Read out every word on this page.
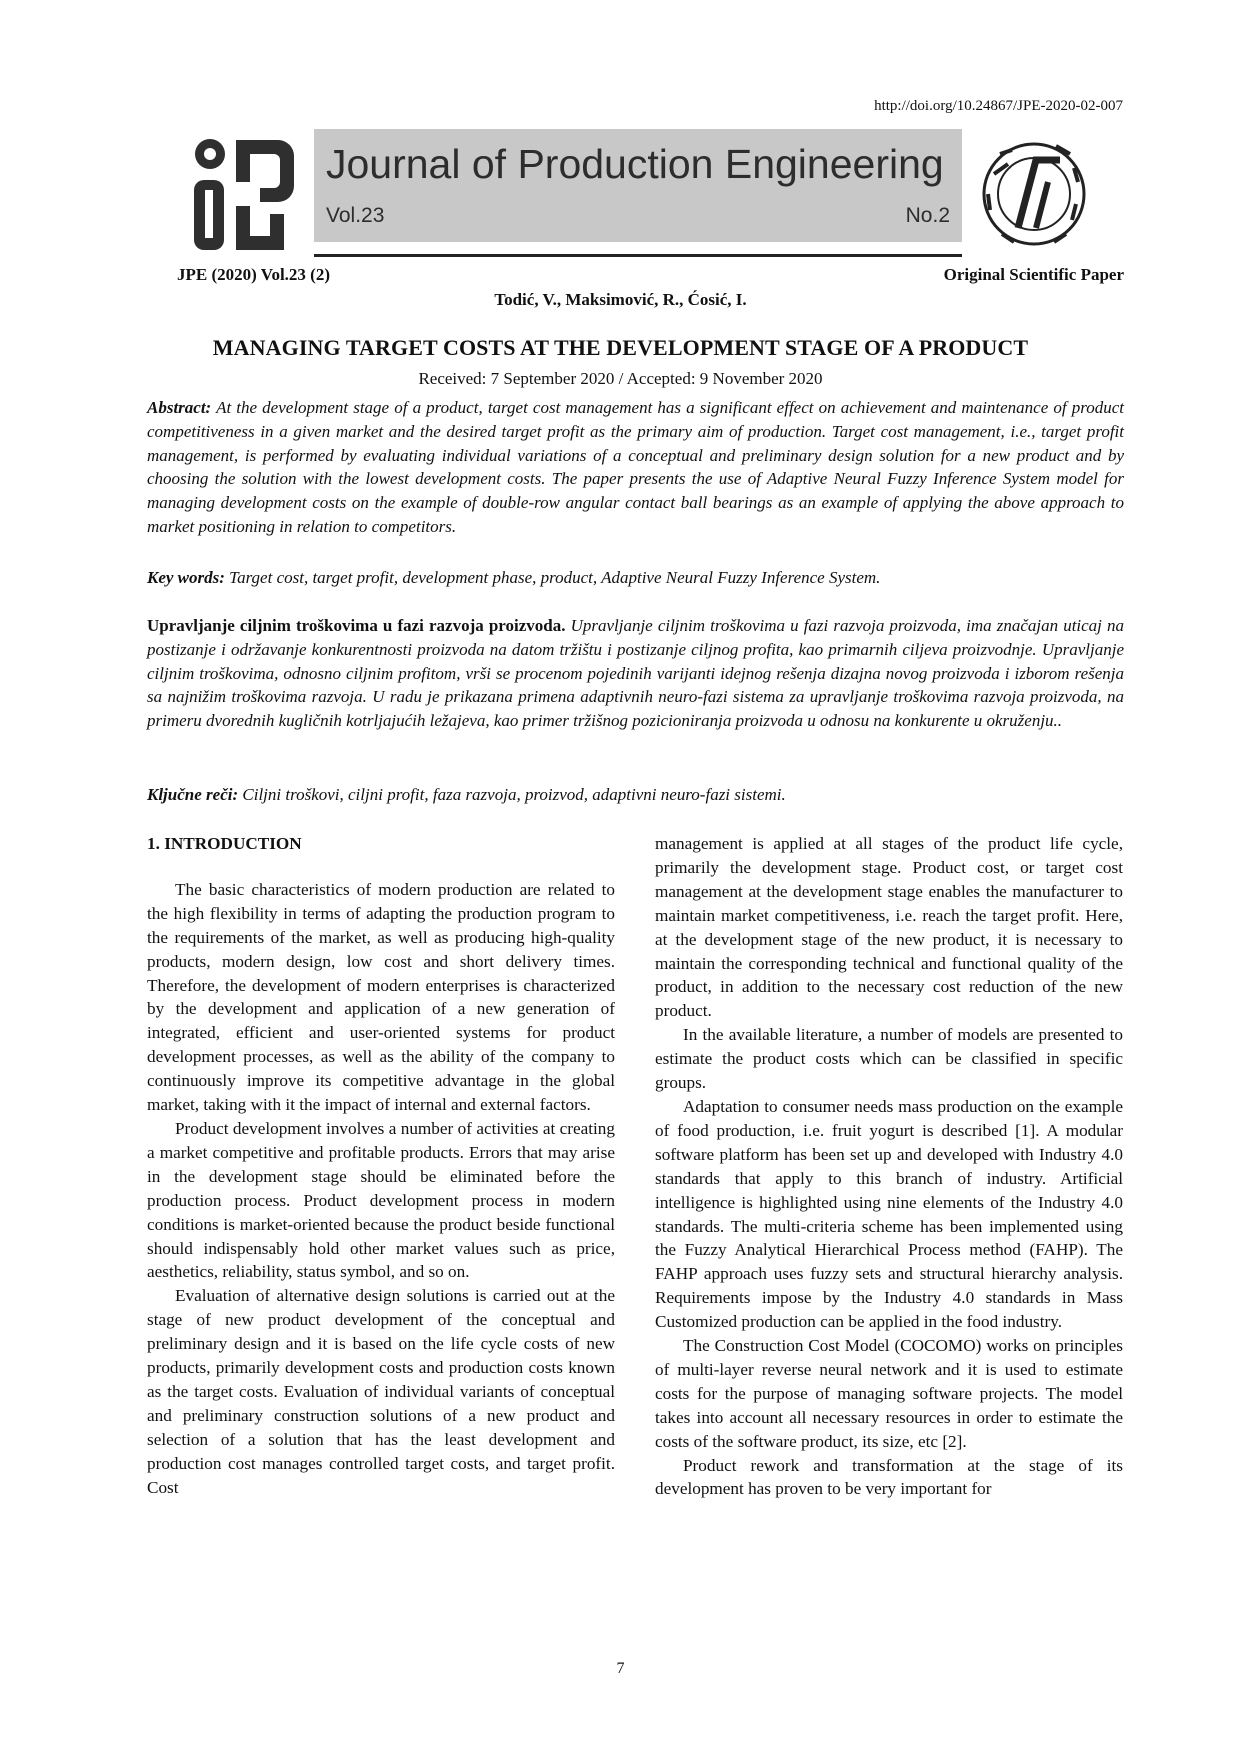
http://doi.org/10.24867/JPE-2020-02-007
Journal of Production Engineering
Vol.23	No.2
JPE (2020) Vol.23 (2)	Original Scientific Paper
Todić, V., Maksimović, R., Ćosić, I.
MANAGING TARGET COSTS AT THE DEVELOPMENT STAGE OF A PRODUCT
Received: 7 September 2020 / Accepted: 9 November 2020
Abstract: At the development stage of a product, target cost management has a significant effect on achievement and maintenance of product competitiveness in a given market and the desired target profit as the primary aim of production. Target cost management, i.e., target profit management, is performed by evaluating individual variations of a conceptual and preliminary design solution for a new product and by choosing the solution with the lowest development costs. The paper presents the use of Adaptive Neural Fuzzy Inference System model for managing development costs on the example of double-row angular contact ball bearings as an example of applying the above approach to market positioning in relation to competitors.
Key words: Target cost, target profit, development phase, product, Adaptive Neural Fuzzy Inference System.
Upravljanje ciljnim troškovima u fazi razvoja proizvoda. Upravljanje ciljnim troškovima u fazi razvoja proizvoda, ima značajan uticaj na postizanje i održavanje konkurentnosti proizvoda na datom tržištu i postizanje ciljnog profita, kao primarnih ciljeva proizvodnje. Upravljanje ciljnim troškovima, odnosno ciljnim profitom, vrši se procenom pojedinih varijanti idejnog rešenja dizajna novog proizvoda i izborom rešenja sa najnižim troškovima razvoja. U radu je prikazana primena adaptivnih neuro-fazi sistema za upravljanje troškovima razvoja proizvoda, na primeru dvorednih kugličnih kotrljajućih ležajeva, kao primer tržišnog pozicioniranja proizvoda u odnosu na konkurente u okruženju..
Ključne reči: Ciljni troškovi, ciljni profit, faza razvoja, proizvod, adaptivni neuro-fazi sistemi.
1. INTRODUCTION

The basic characteristics of modern production are related to the high flexibility in terms of adapting the production program to the requirements of the market, as well as producing high-quality products, modern design, low cost and short delivery times. Therefore, the development of modern enterprises is characterized by the development and application of a new generation of integrated, efficient and user-oriented systems for product development processes, as well as the ability of the company to continuously improve its competitive advantage in the global market, taking with it the impact of internal and external factors.

Product development involves a number of activities at creating a market competitive and profitable products. Errors that may arise in the development stage should be eliminated before the production process. Product development process in modern conditions is market-oriented because the product beside functional should indispensably hold other market values such as price, aesthetics, reliability, status symbol, and so on.

Evaluation of alternative design solutions is carried out at the stage of new product development of the conceptual and preliminary design and it is based on the life cycle costs of new products, primarily development costs and production costs known as the target costs. Evaluation of individual variants of conceptual and preliminary construction solutions of a new product and selection of a solution that has the least development and production cost manages controlled target costs, and target profit. Cost

management is applied at all stages of the product life cycle, primarily the development stage. Product cost, or target cost management at the development stage enables the manufacturer to maintain market competitiveness, i.e. reach the target profit. Here, at the development stage of the new product, it is necessary to maintain the corresponding technical and functional quality of the product, in addition to the necessary cost reduction of the new product.

In the available literature, a number of models are presented to estimate the product costs which can be classified in specific groups.

Adaptation to consumer needs mass production on the example of food production, i.e. fruit yogurt is described [1]. A modular software platform has been set up and developed with Industry 4.0 standards that apply to this branch of industry. Artificial intelligence is highlighted using nine elements of the Industry 4.0 standards. The multi-criteria scheme has been implemented using the Fuzzy Analytical Hierarchical Process method (FAHP). The FAHP approach uses fuzzy sets and structural hierarchy analysis. Requirements impose by the Industry 4.0 standards in Mass Customized production can be applied in the food industry.

The Construction Cost Model (COCOMO) works on principles of multi-layer reverse neural network and it is used to estimate costs for the purpose of managing software projects. The model takes into account all necessary resources in order to estimate the costs of the software product, its size, etc [2].

Product rework and transformation at the stage of its development has proven to be very important for

7
